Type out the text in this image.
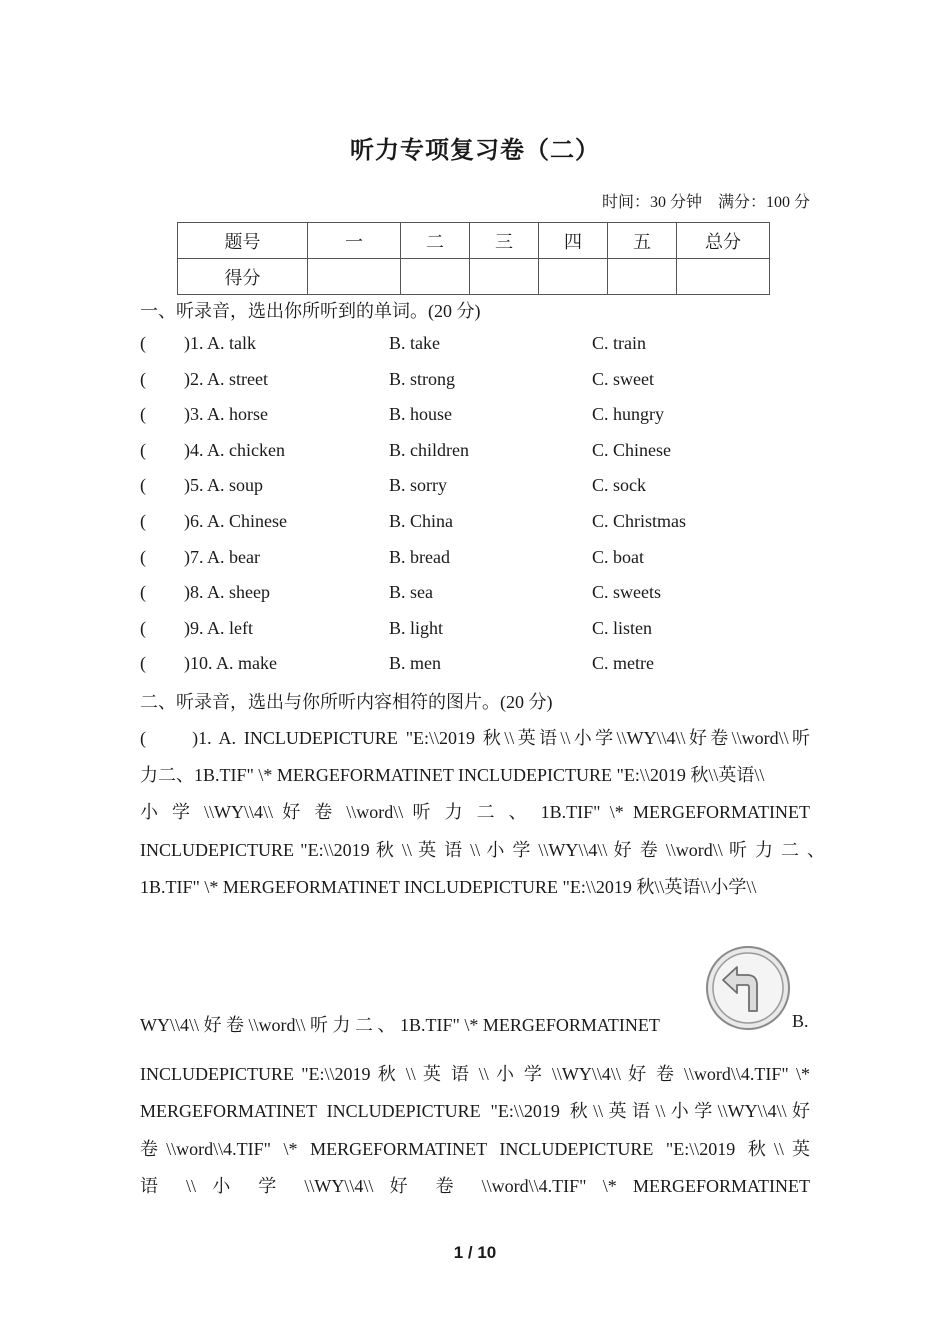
听力专项复习卷（二）
时间：30 分钟　满分：100 分
题号	一	二	三	四	五	总分
得分						
一、听录音，选出你所听到的单词。(20 分)
( )1. A. talk	B. take	C. train
( )2. A. street	B. strong	C. sweet
( )3. A. horse	B. house	C. hungry
( )4. A. chicken	B. children	C. Chinese
( )5. A. soup	B. sorry	C. sock
( )6. A. Chinese	B. China	C. Christmas
( )7. A. bear	B. bread	C. boat
( )8. A. sheep	B. sea	C. sweets
( )9. A. left	B. light	C. listen
( )10. A. make	B. men	C. metre
二、听录音，选出与你所听内容相符的图片。(20 分)
(　　)1. A. INCLUDEPICTURE "E:\\2019 秋\\英语\\小学\\WY\\4\\好卷\\word\\听
力二、1B.TIF" \* MERGEFORMATINET INCLUDEPICTURE "E:\\2019 秋\\英语\\
小 学 \\WY\\4\\ 好 卷 \\word\\ 听 力 二 、 1B.TIF" \* MERGEFORMATINET
INCLUDEPICTURE "E:\\2019 秋 \\ 英 语 \\ 小 学 \\WY\\4\\ 好 卷 \\word\\ 听 力 二 、
1B.TIF" \* MERGEFORMATINET INCLUDEPICTURE "E:\\2019 秋\\英语\\小学\\
WY\\4\\ 好 卷 \\word\\ 听 力 二 、 1B.TIF" \* MERGEFORMATINET	B.
INCLUDEPICTURE "E:\\2019 秋 \\ 英 语 \\ 小 学 \\WY\\4\\ 好 卷 \\word\\4.TIF" \*
MERGEFORMATINET INCLUDEPICTURE "E:\\2019 秋\\英语\\小学\\WY\\4\\好
卷\\word\\4.TIF" \* MERGEFORMATINET INCLUDEPICTURE "E:\\2019 秋\\英
语 \\ 小 学 \\WY\\4\\ 好 卷 \\word\\4.TIF" \* MERGEFORMATINET
1 / 10
